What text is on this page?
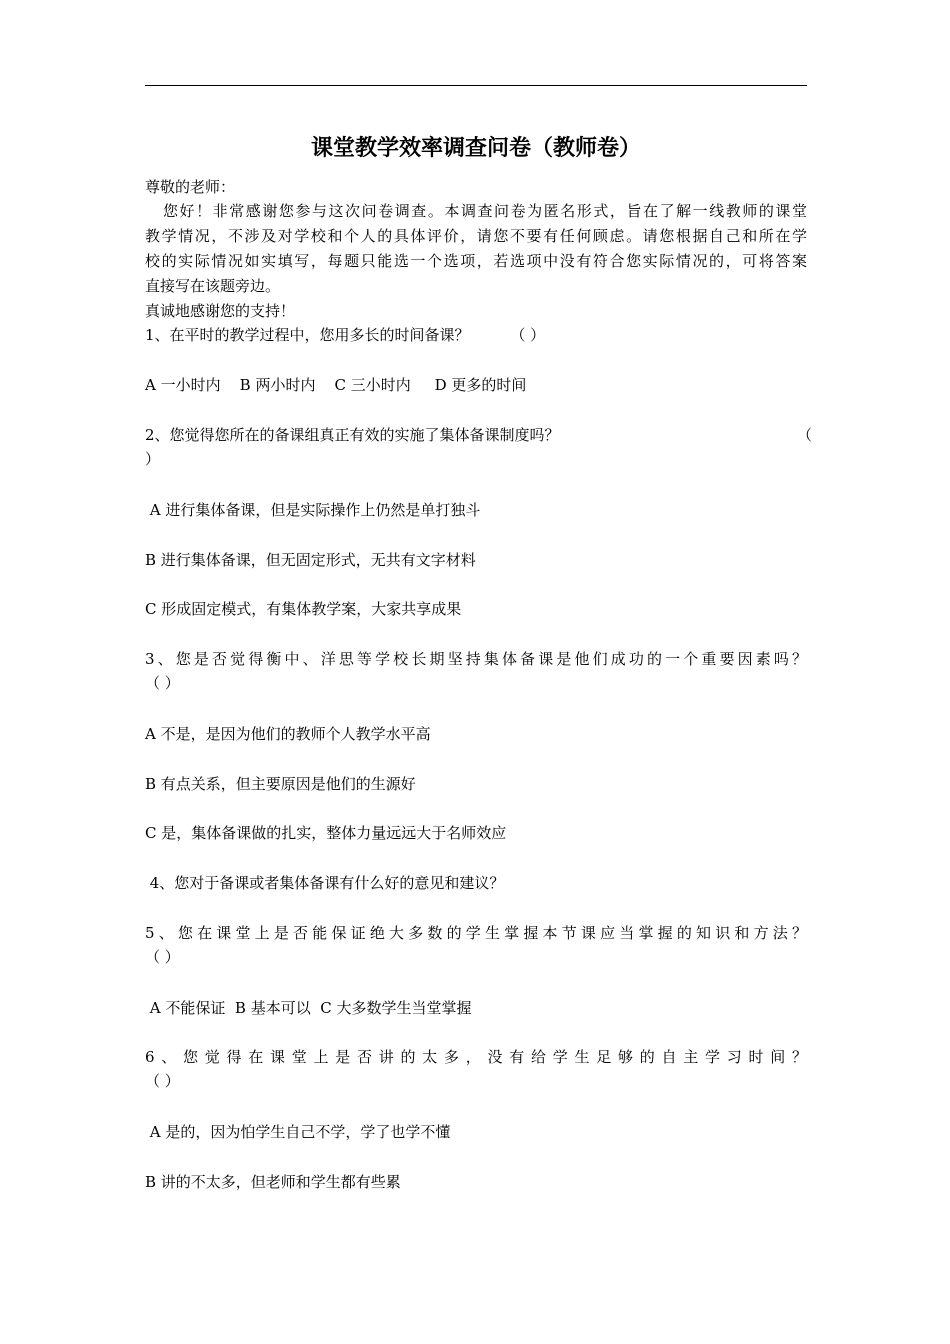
课堂教学效率调查问卷（教师卷）
尊敬的老师：
您好！非常感谢您参与这次问卷调查。本调查问卷为匿名形式，旨在了解一线教师的课堂
教学情况，不涉及对学校和个人的具体评价，请您不要有任何顾虑。请您根据自己和所在学
校的实际情况如实填写，每题只能选一个选项，若选项中没有符合您实际情况的，可将答案
直接写在该题旁边。
真诚地感谢您的支持！
1、在平时的教学过程中，您用多长的时间备课？	（ ）
A 一小时内    B 两小时内    C 三小时内     D 更多的时间
2、您觉得您所在的备课组真正有效的实施了集体备课制度吗？	（
）
A 进行集体备课，但是实际操作上仍然是单打独斗
B 进行集体备课，但无固定形式，无共有文字材料
C 形成固定模式，有集体教学案，大家共享成果
3、您是否觉得衡中、洋思等学校长期坚持集体备课是他们成功的一个重要因素吗？
（ ）
A 不是，是因为他们的教师个人教学水平高
B 有点关系，但主要原因是他们的生源好
C 是，集体备课做的扎实，整体力量远远大于名师效应
4、您对于备课或者集体备课有什么好的意见和建议？
5、您在课堂上是否能保证绝大多数的学生掌握本节课应当掌握的知识和方法？
（ ）
A 不能保证  B 基本可以  C 大多数学生当堂掌握
6、您觉得在课堂上是否讲的太多，没有给学生足够的自主学习时间？
（ ）
A 是的，因为怕学生自己不学，学了也学不懂
B 讲的不太多，但老师和学生都有些累
